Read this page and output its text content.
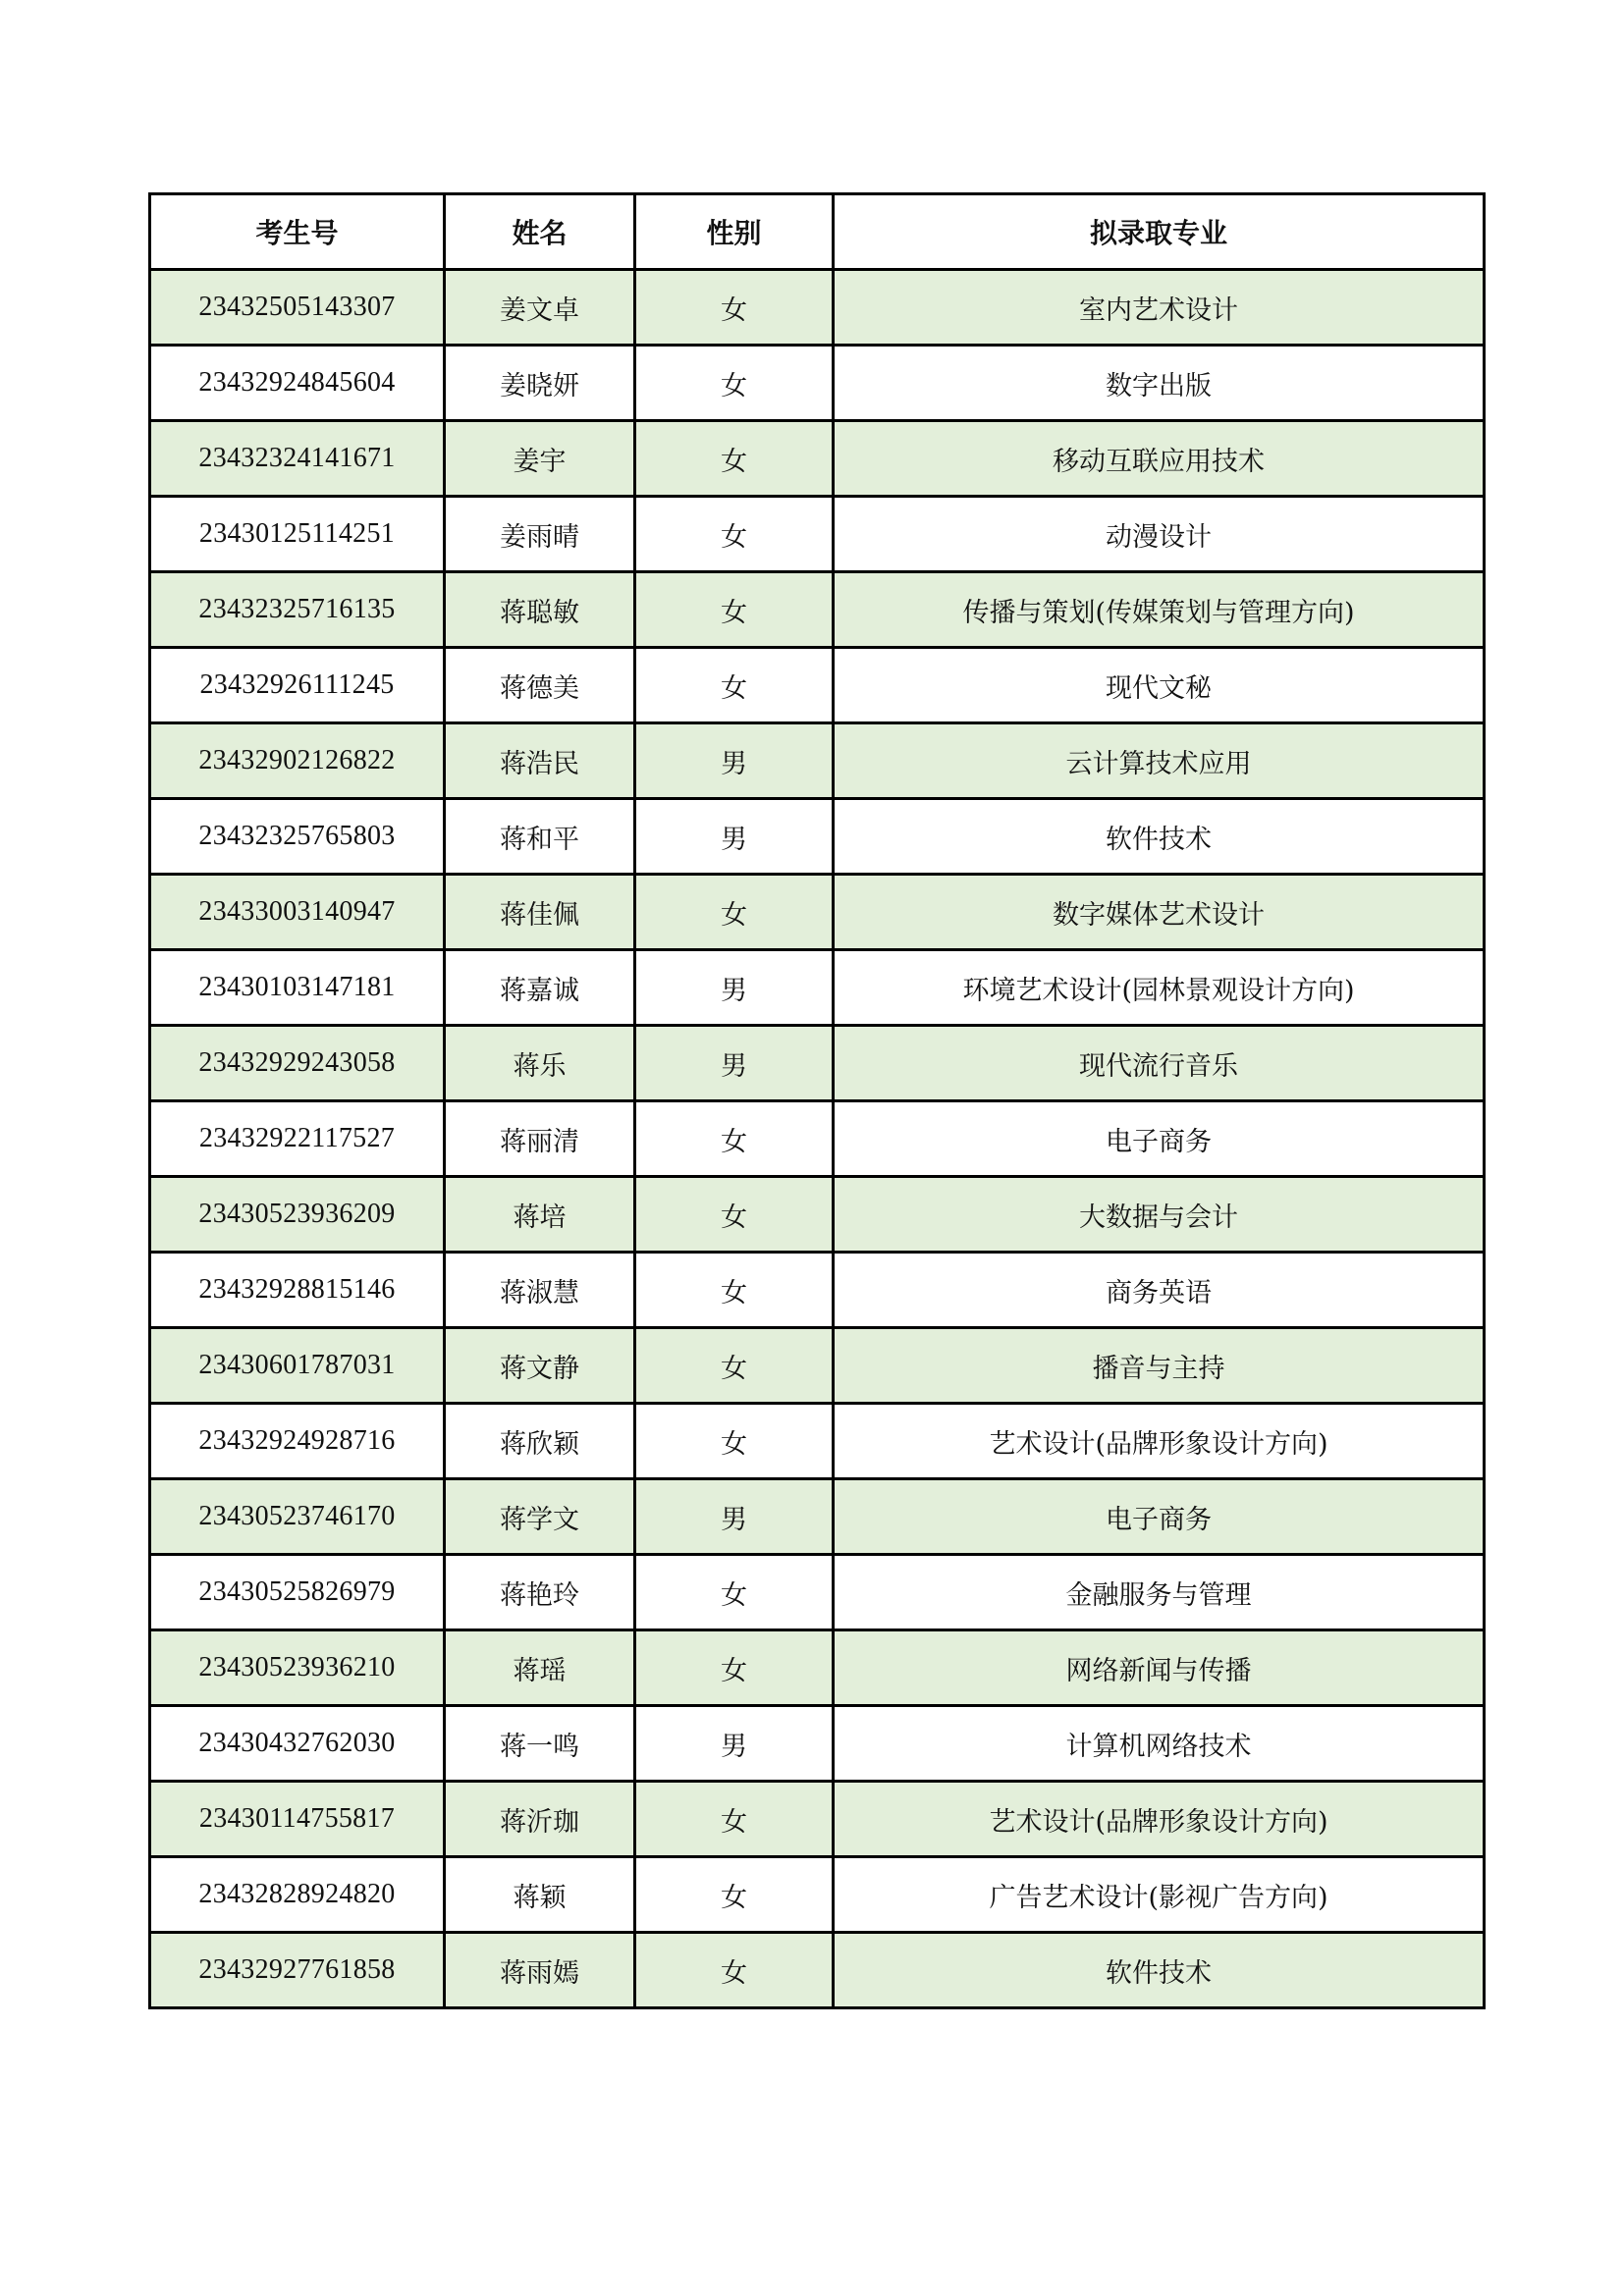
考生号	姓名	性别	拟录取专业
23432505143307	姜文卓	女	室内艺术设计
23432924845604	姜晓妍	女	数字出版
23432324141671	姜宇	女	移动互联应用技术
23430125114251	姜雨晴	女	动漫设计
23432325716135	蒋聪敏	女	传播与策划(传媒策划与管理方向)
23432926111245	蒋德美	女	现代文秘
23432902126822	蒋浩民	男	云计算技术应用
23432325765803	蒋和平	男	软件技术
23433003140947	蒋佳佩	女	数字媒体艺术设计
23430103147181	蒋嘉诚	男	环境艺术设计(园林景观设计方向)
23432929243058	蒋乐	男	现代流行音乐
23432922117527	蒋丽清	女	电子商务
23430523936209	蒋培	女	大数据与会计
23432928815146	蒋淑慧	女	商务英语
23430601787031	蒋文静	女	播音与主持
23432924928716	蒋欣颖	女	艺术设计(品牌形象设计方向)
23430523746170	蒋学文	男	电子商务
23430525826979	蒋艳玲	女	金融服务与管理
23430523936210	蒋瑶	女	网络新闻与传播
23430432762030	蒋一鸣	男	计算机网络技术
23430114755817	蒋沂珈	女	艺术设计(品牌形象设计方向)
23432828924820	蒋颖	女	广告艺术设计(影视广告方向)
23432927761858	蒋雨嫣	女	软件技术
